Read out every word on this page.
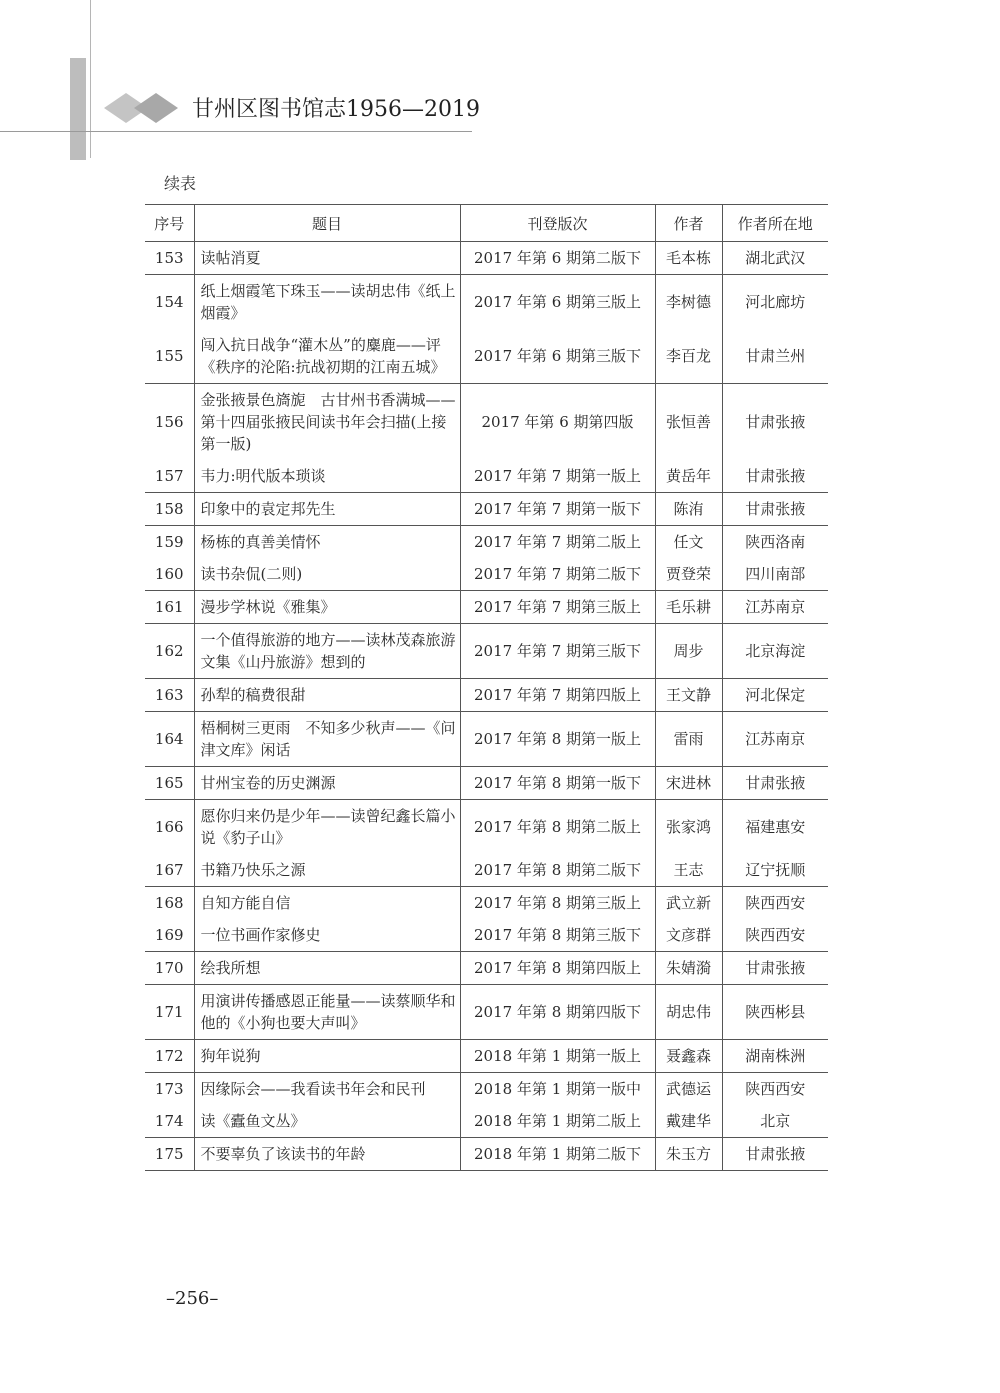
甘州区图书馆志1956—2019
续表
序号	题目	刊登版次	作者	作者所在地
153	读帖消夏	2017 年第 6 期第二版下	毛本栋	湖北武汉
154	纸上烟霞笔下珠玉——读胡忠伟《纸上烟霞》	2017 年第 6 期第三版上	李树德	河北廊坊
155	闯入抗日战争“灌木丛”的麋鹿——评《秩序的沦陷:抗战初期的江南五城》	2017 年第 6 期第三版下	李百龙	甘肃兰州
156	金张掖景色旖旎　古甘州书香满城——第十四届张掖民间读书年会扫描(上接第一版)	2017 年第 6 期第四版	张恒善	甘肃张掖
157	韦力:明代版本琐谈	2017 年第 7 期第一版上	黄岳年	甘肃张掖
158	印象中的袁定邦先生	2017 年第 7 期第一版下	陈洧	甘肃张掖
159	杨栋的真善美情怀	2017 年第 7 期第二版上	任文	陕西洛南
160	读书杂侃(二则)	2017 年第 7 期第二版下	贾登荣	四川南部
161	漫步学林说《雅集》	2017 年第 7 期第三版上	毛乐耕	江苏南京
162	一个值得旅游的地方——读林茂森旅游文集《山丹旅游》想到的	2017 年第 7 期第三版下	周步	北京海淀
163	孙犁的稿费很甜	2017 年第 7 期第四版上	王文静	河北保定
164	梧桐树三更雨　不知多少秋声——《问津文库》闲话	2017 年第 8 期第一版上	雷雨	江苏南京
165	甘州宝卷的历史渊源	2017 年第 8 期第一版下	宋进林	甘肃张掖
166	愿你归来仍是少年——读曾纪鑫长篇小说《豹子山》	2017 年第 8 期第二版上	张家鸿	福建惠安
167	书籍乃快乐之源	2017 年第 8 期第二版下	王志	辽宁抚顺
168	自知方能自信	2017 年第 8 期第三版上	武立新	陕西西安
169	一位书画作家修史	2017 年第 8 期第三版下	文彦群	陕西西安
170	绘我所想	2017 年第 8 期第四版上	朱婧漪	甘肃张掖
171	用演讲传播感恩正能量——读蔡顺华和他的《小狗也要大声叫》	2017 年第 8 期第四版下	胡忠伟	陕西彬县
172	狗年说狗	2018 年第 1 期第一版上	聂鑫森	湖南株洲
173	因缘际会——我看读书年会和民刊	2018 年第 1 期第一版中	武德运	陕西西安
174	读《蠹鱼文丛》	2018 年第 1 期第二版上	戴建华	北京
175	不要辜负了该读书的年龄	2018 年第 1 期第二版下	朱玉方	甘肃张掖
–256–
